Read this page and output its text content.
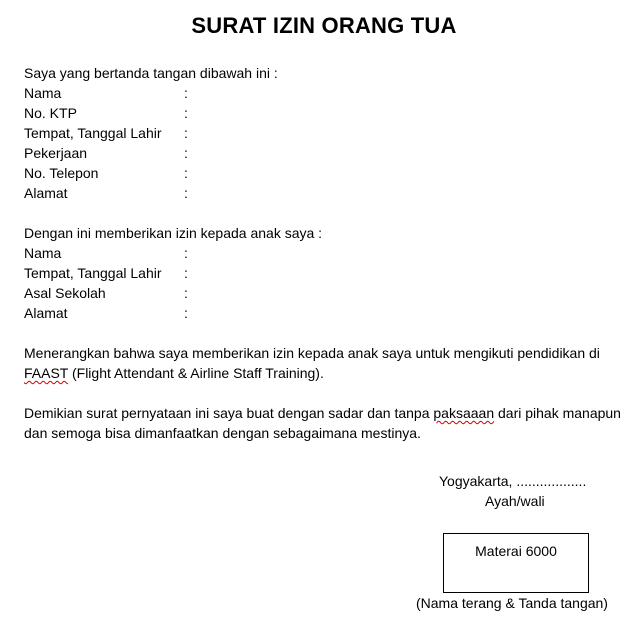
SURAT IZIN ORANG TUA
Saya yang bertanda tangan dibawah ini :
Nama	:
No. KTP	:
Tempat, Tanggal Lahir :
Pekerjaan	:
No. Telepon	:
Alamat	:
Dengan ini memberikan izin kepada anak saya :
Nama	:
Tempat, Tanggal Lahir :
Asal Sekolah	:
Alamat	:
Menerangkan bahwa saya memberikan izin kepada anak saya untuk mengikuti pendidikan di FAAST (Flight Attendant & Airline Staff Training).
Demikian surat pernyataan ini saya buat dengan sadar dan tanpa paksaaan dari pihak manapun dan semoga bisa dimanfaatkan dengan sebagaimana mestinya.
Yogyakarta, ..................
Ayah/wali
Materai 6000
(Nama terang & Tanda tangan)
